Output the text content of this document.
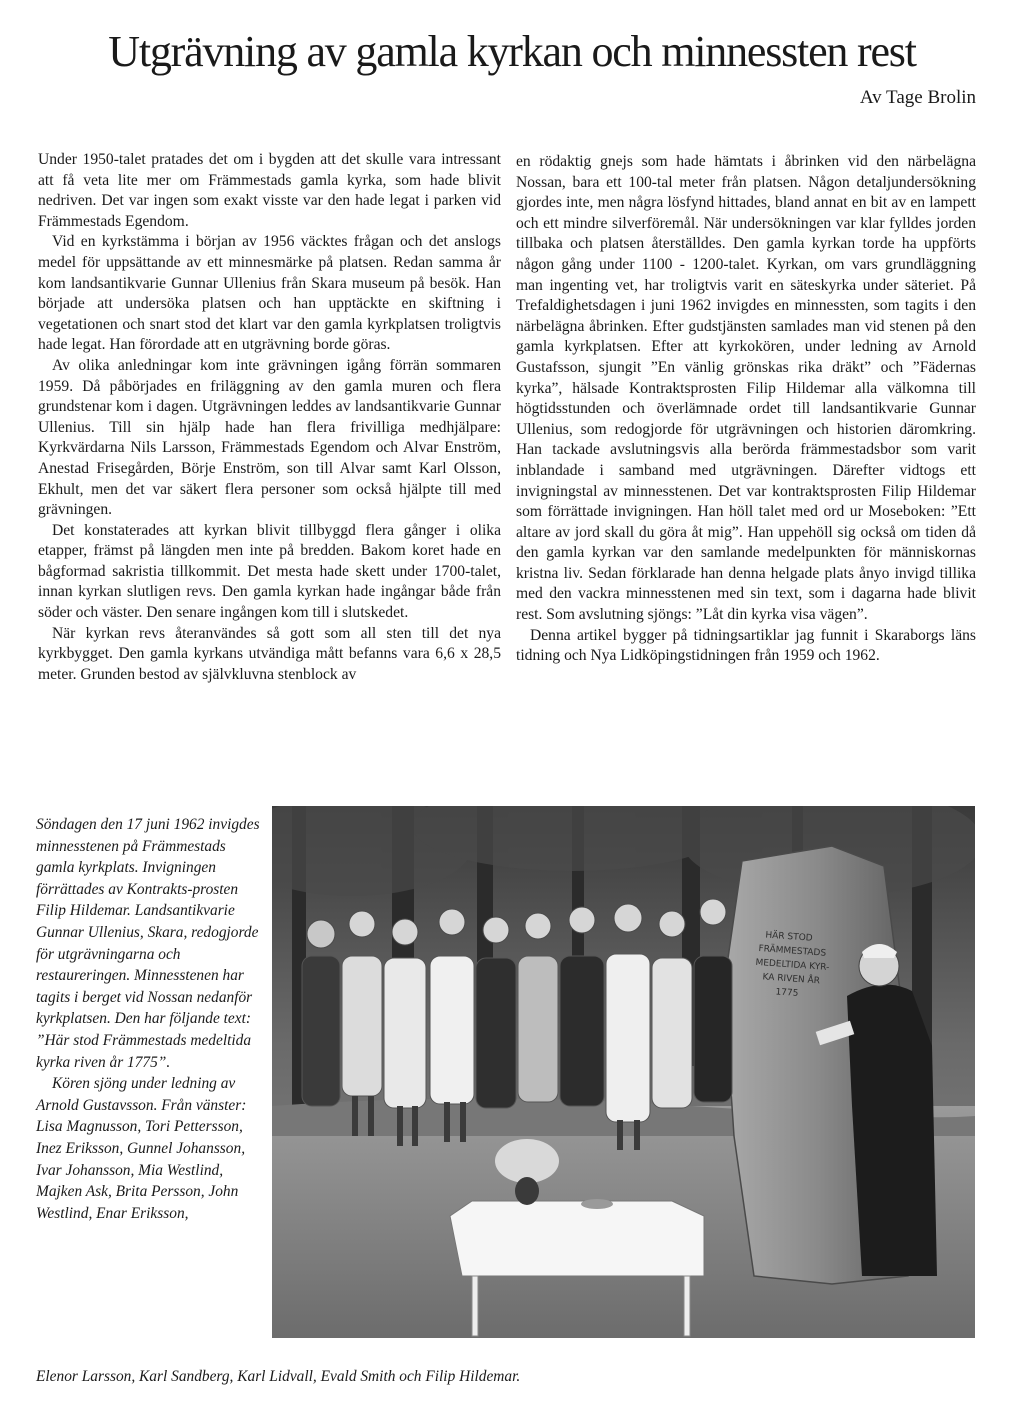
Utgrävning av gamla kyrkan och minnessten rest
Av Tage Brolin

Under 1950-talet pratades det om i bygden att det skulle vara intressant att få veta lite mer om Främmestads gamla kyrka, som hade blivit nedriven. Det var ingen som exakt visste var den hade legat i parken vid Främmestads Egendom.

Vid en kyrkstämma i början av 1956 väcktes frågan och det anslogs medel för uppsättande av ett minnesmärke på platsen. Redan samma år kom landsantikvarie Gunnar Ullenius från Skara museum på besök. Han började att undersöka platsen och han upptäckte en skiftning i vegetationen och snart stod det klart var den gamla kyrkplatsen troligtvis hade legat. Han förordade att en utgrävning borde göras.

Av olika anledningar kom inte grävningen igång förrän sommaren 1959. Då påbörjades en friläggning av den gamla muren och flera grundstenar kom i dagen. Utgrävningen leddes av landsantikvarie Gunnar Ullenius. Till sin hjälp hade han flera frivilliga medhjälpare: Kyrkvärdarna Nils Larsson, Främmestads Egendom och Alvar Enström, Anestad Frisegården, Börje Enström, son till Alvar samt Karl Olsson, Ekhult, men det var säkert flera personer som också hjälpte till med grävningen.

Det konstaterades att kyrkan blivit tillbyggd flera gånger i olika etapper, främst på längden men inte på bredden. Bakom koret hade en bågformad sakristia tillkommit. Det mesta hade skett under 1700-talet, innan kyrkan slutligen revs. Den gamla kyrkan hade ingångar både från söder och väster. Den senare ingången kom till i slutskedet.

När kyrkan revs återanvändes så gott som all sten till det nya kyrkbygget. Den gamla kyrkans utvändiga mått befanns vara 6,6 x 28,5 meter. Grunden bestod av självkluvna stenblock av

en rödaktig gnejs som hade hämtats i åbrinken vid den närbelägna Nossan, bara ett 100-tal meter från platsen. Någon detaljundersökning gjordes inte, men några lösfynd hittades, bland annat en bit av en lampett och ett mindre silverföremål. När undersökningen var klar fylldes jorden tillbaka och platsen återställdes. Den gamla kyrkan torde ha uppförts någon gång under 1100 - 1200-talet. Kyrkan, om vars grundläggning man ingenting vet, har troligtvis varit en säteskyrka under säteriet. På Trefaldighetsdagen i juni 1962 invigdes en minnessten, som tagits i den närbelägna åbrinken. Efter gudstjänsten samlades man vid stenen på den gamla kyrkplatsen. Efter att kyrkokören, under ledning av Arnold Gustafsson, sjungit ”En vänlig grönskas rika dräkt” och ”Fädernas kyrka”, hälsade Kontraktsprosten Filip Hildemar alla välkomna till högtidsstunden och överlämnade ordet till landsantikvarie Gunnar Ullenius, som redogjorde för utgrävningen och historien däromkring. Han tackade avslutningsvis alla berörda främmestadsbor som varit inblandade i samband med utgrävningen. Därefter vidtogs ett invigningstal av minnesstenen. Det var kontraktsprosten Filip Hildemar som förrättade invigningen. Han höll talet med ord ur Moseboken: ”Ett altare av jord skall du göra åt mig”. Han uppehöll sig också om tiden då den gamla kyrkan var den samlande medelpunkten för människornas kristna liv. Sedan förklarade han denna helgade plats ånyo invigd tillika med den vackra minnesstenen med sin text, som i dagarna hade blivit rest. Som avslutning sjöngs: ”Låt din kyrka visa vägen”.

Denna artikel bygger på tidningsartiklar jag funnit i Skaraborgs läns tidning och Nya Lidköpingstidningen från 1959 och 1962.

Söndagen den 17 juni 1962 invigdes minnesstenen på Främmestads gamla kyrkplats. Invigningen förrättades av Kontrakts-prosten Filip Hildemar. Landsantikvarie Gunnar Ullenius, Skara, redogjorde för utgrävningarna och restaureringen. Minnesstenen har tagits i berget vid Nossan nedanför kyrkplatsen. Den har följande text: ”Här stod Främmestads medeltida kyrka riven år 1775”.

Kören sjöng under ledning av Arnold Gustavsson. Från vänster: Lisa Magnusson, Tori Pettersson, Inez Eriksson, Gunnel Johansson, Ivar Johansson, Mia Westlind, Majken Ask, Brita Persson, John Westlind, Enar Eriksson,

Elenor Larsson, Karl Sandberg, Karl Lidvall, Evald Smith och Filip Hildemar.
HÄR STOD
FRÄMMESTADS
MEDELTIDA KYR-
KA RIVEN ÅR
1775
